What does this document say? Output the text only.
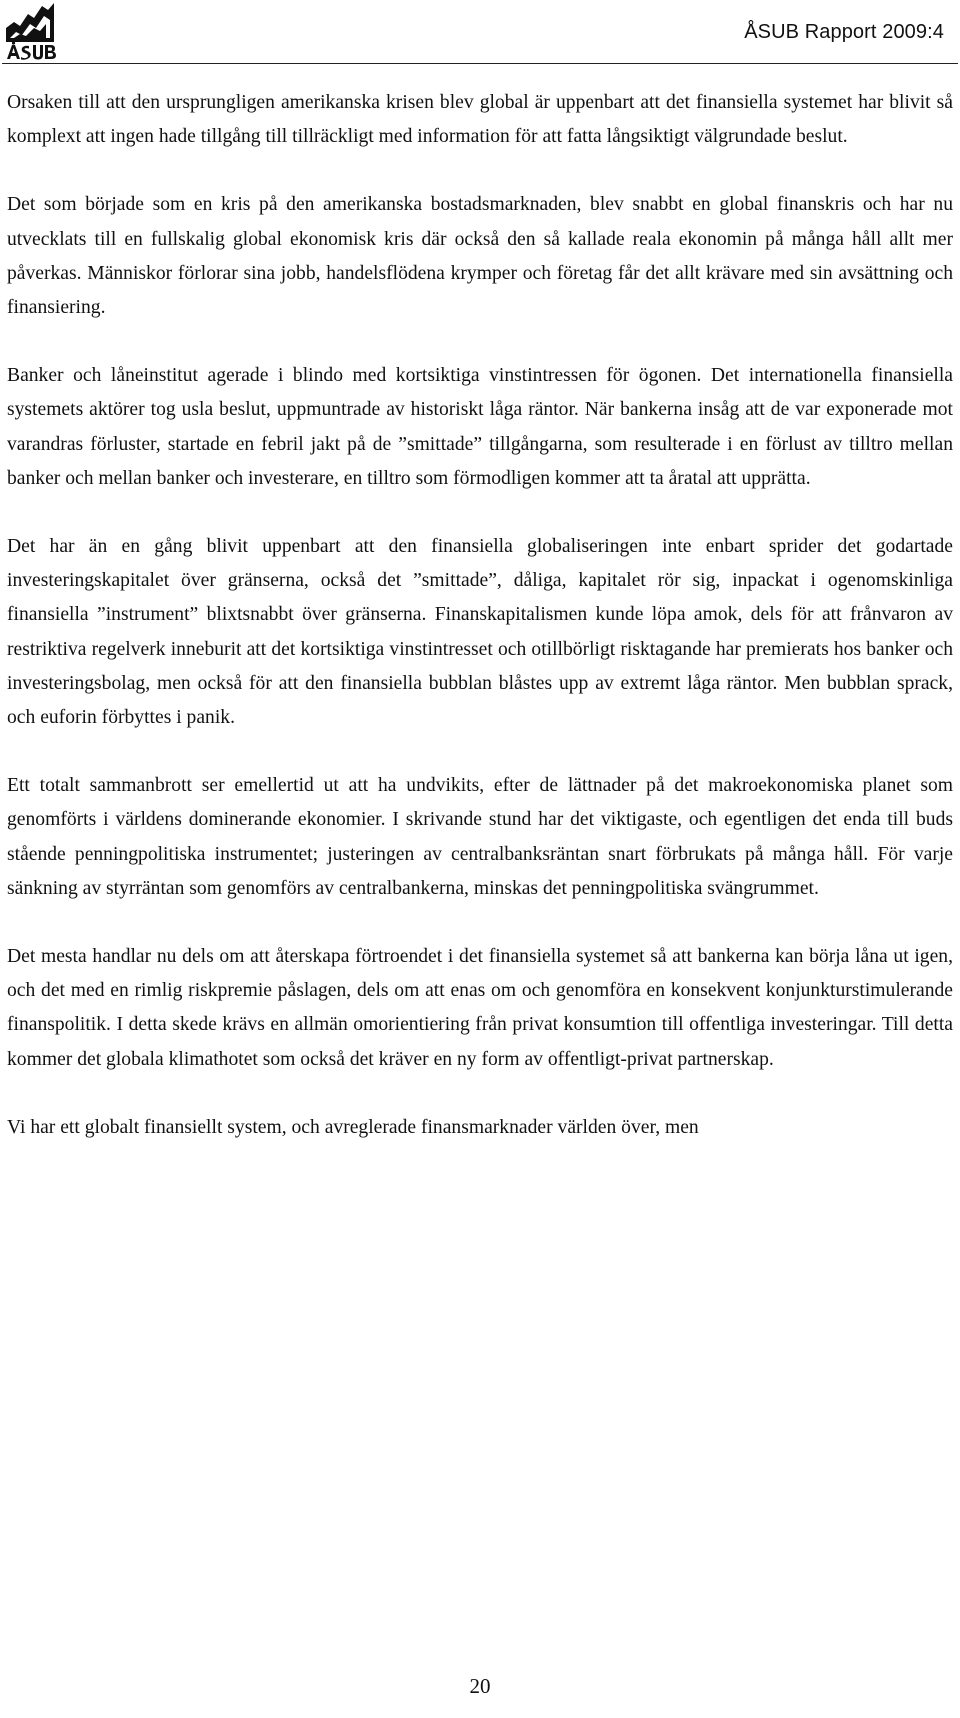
ÅSUB Rapport 2009:4

Orsaken till att den ursprungligen amerikanska krisen blev global är uppenbart att det finansiella systemet har blivit så komplext att ingen hade tillgång till tillräckligt med information för att fatta långsiktigt välgrundade beslut.

Det som började som en kris på den amerikanska bostadsmarknaden, blev snabbt en global finanskris och har nu utvecklats till en fullskalig global ekonomisk kris där också den så kallade reala ekonomin på många håll allt mer påverkas. Människor förlorar sina jobb, handelsflödena krymper och företag får det allt krävare med sin avsättning och finansiering.

Banker och låneinstitut agerade i blindo med kortsiktiga vinstintressen för ögonen. Det internationella finansiella systemets aktörer tog usla beslut, uppmuntrade av historiskt låga räntor. När bankerna insåg att de var exponerade mot varandras förluster, startade en febril jakt på de ”smittade” tillgångarna, som resulterade i en förlust av tilltro mellan banker och mellan banker och investerare, en tilltro som förmodligen kommer att ta åratal att upprätta.

Det har än en gång blivit uppenbart att den finansiella globaliseringen inte enbart sprider det godartade investeringskapitalet över gränserna, också det ”smittade”, dåliga, kapitalet rör sig, inpackat i ogenomskinliga finansiella ”instrument” blixtsnabbt över gränserna. Finanskapitalismen kunde löpa amok, dels för att frånvaron av restriktiva regelverk inneburit att det kortsiktiga vinstintresset och otillbörligt risktagande har premierats hos banker och investeringsbolag, men också för att den finansiella bubblan blåstes upp av extremt låga räntor. Men bubblan sprack, och euforin förbyttes i panik.

Ett totalt sammanbrott ser emellertid ut att ha undvikits, efter de lättnader på det makroekonomiska planet som genomförts i världens dominerande ekonomier. I skrivande stund har det viktigaste, och egentligen det enda till buds stående penningpolitiska instrumentet; justeringen av centralbanksräntan snart förbrukats på många håll. För varje sänkning av styrräntan som genomförs av centralbankerna, minskas det penningpolitiska svängrummet.

Det mesta handlar nu dels om att återskapa förtroendet i det finansiella systemet så att bankerna kan börja låna ut igen, och det med en rimlig riskpremie påslagen, dels om att enas om och genomföra en konsekvent konjunkturstimulerande finanspolitik. I detta skede krävs en allmän omorientiering från privat konsumtion till offentliga investeringar. Till detta kommer det globala klimathotet som också det kräver en ny form av offentligt-privat partnerskap.

Vi har ett globalt finansiellt system, och avreglerade finansmarknader världen över, men

20
